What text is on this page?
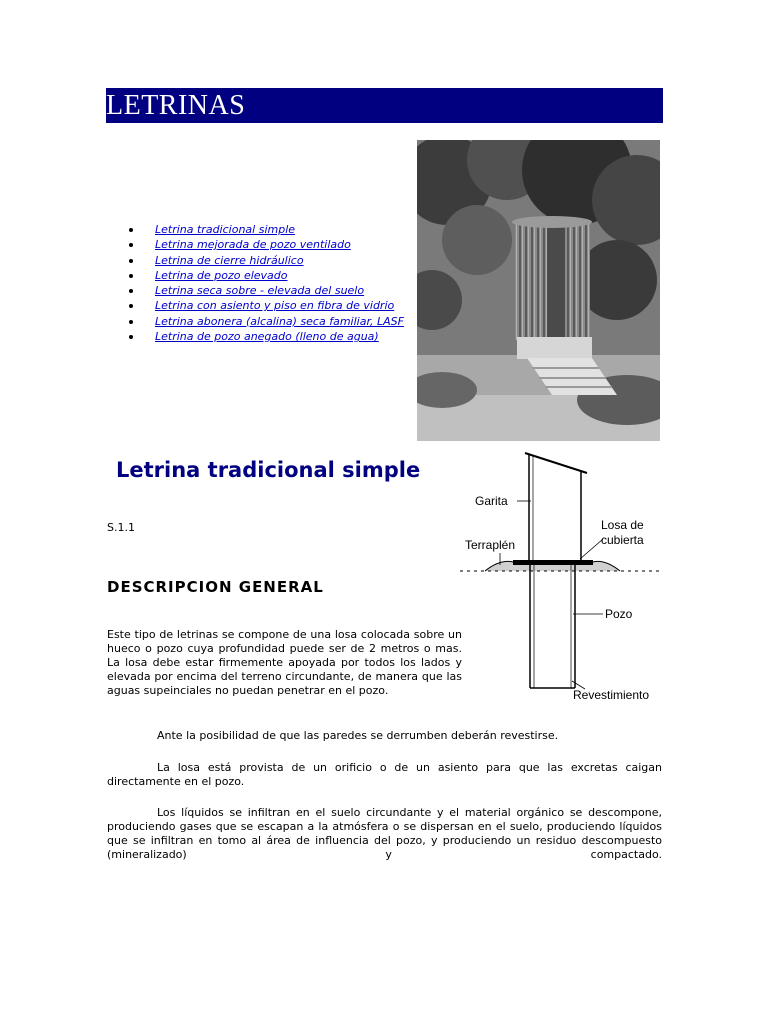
LETRINAS
Letrina tradicional simple
Letrina mejorada de pozo ventilado
Letrina de cierre hidráulico
Letrina de pozo elevado
Letrina seca sobre - elevada del suelo
Letrina con asiento y piso en fibra de vidrio
Letrina abonera (alcalina) seca familiar, LASF
Letrina de pozo anegado (lleno de agua)
Letrina tradicional simple
Garita
Losa de
cubierta
Terraplén
Pozo
Revestimiento
S.1.1
DESCRIPCION GENERAL

Este tipo de letrinas se compone de una losa colocada sobre un hueco o pozo cuya profundidad puede ser de 2 metros o mas. La losa debe estar firmemente apoyada por todos los lados y elevada por encima del terreno circundante, de manera que las aguas supeinciales no puedan penetrar en el pozo.

Ante la posibilidad de que las paredes se derrumben deberán revestirse.

La losa está provista de un orificio o de un asiento para que las excretas caigan directamente en el pozo.

Los líquidos se infiltran en el suelo circundante y el material orgánico se descompone, produciendo gases que se escapan a la atmósfera o se dispersan en el suelo, produciendo líquidos que se infiltran en tomo al área de influencia del pozo, y produciendo un residuo descompuesto (mineralizado) y compactado.
